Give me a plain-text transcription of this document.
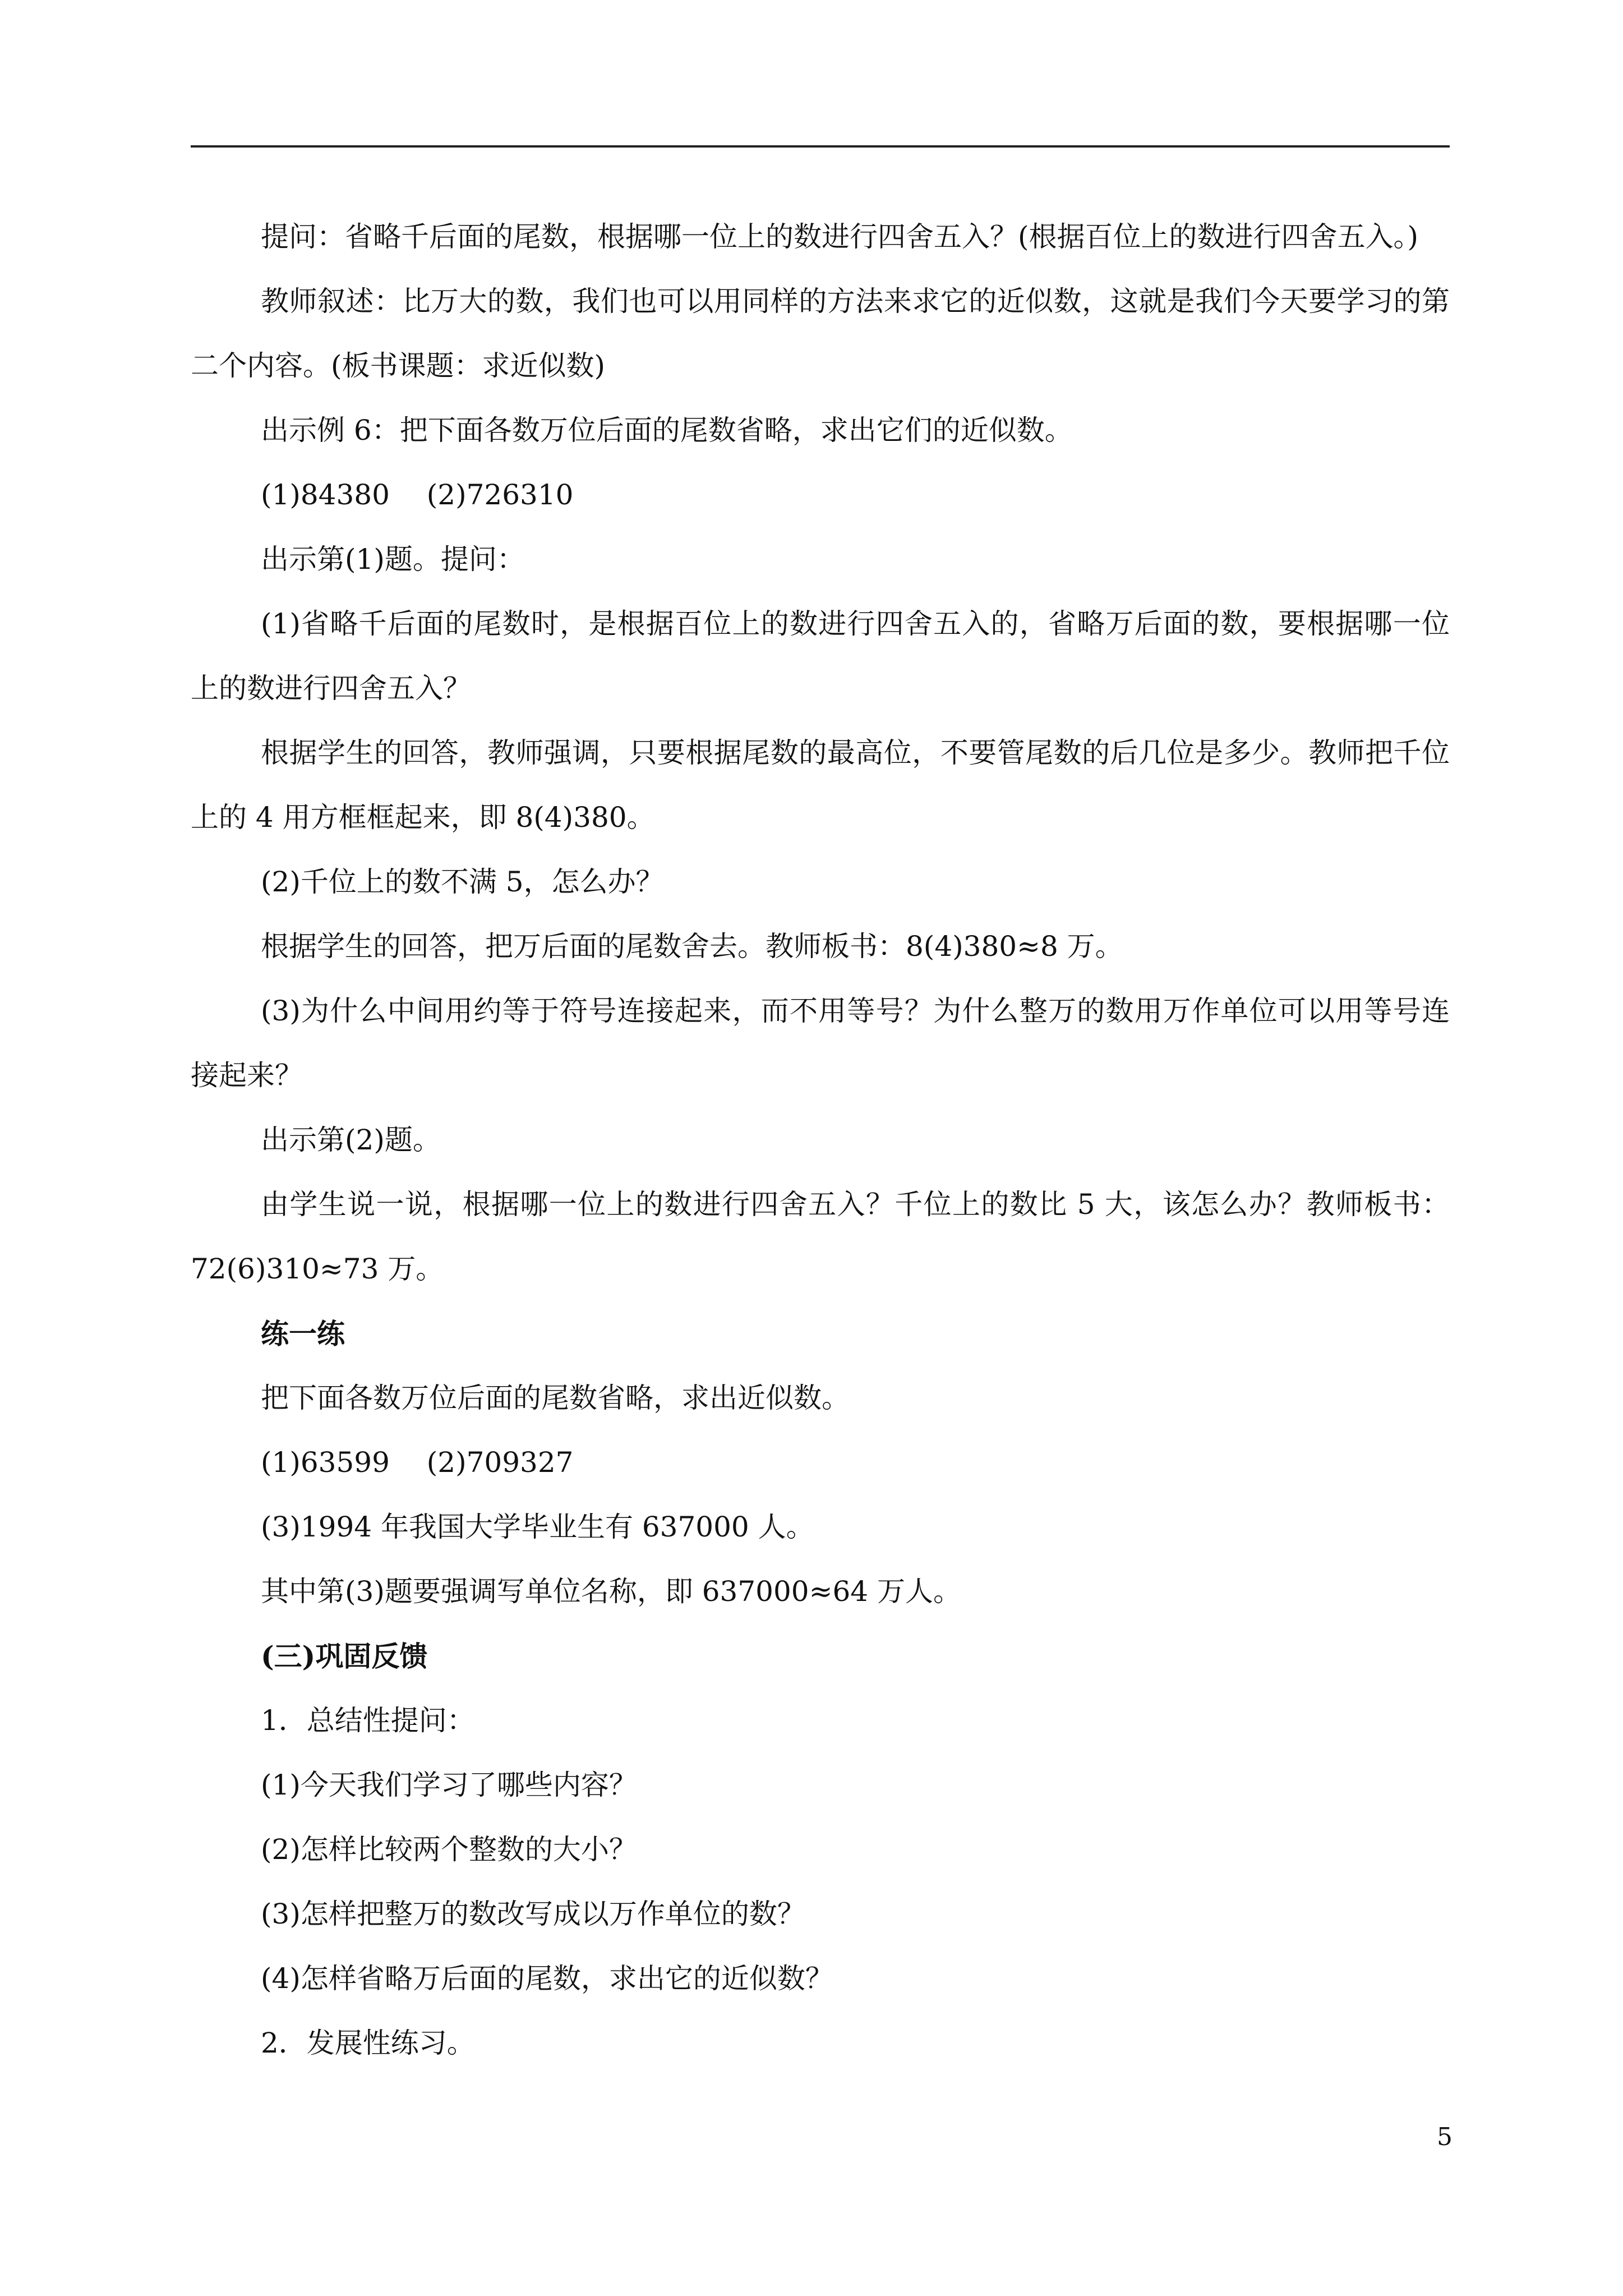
提问：省略千后面的尾数，根据哪一位上的数进行四舍五入？(根据百位上的数进行四舍五入。)

教师叙述：比万大的数，我们也可以用同样的方法来求它的近似数，这就是我们今天要学习的第二个内容。(板书课题：求近似数)

出示例 6：把下面各数万位后面的尾数省略，求出它们的近似数。

(1)84380　 (2)726310

出示第(1)题。提问：

(1)省略千后面的尾数时，是根据百位上的数进行四舍五入的，省略万后面的数，要根据哪一位上的数进行四舍五入？

根据学生的回答，教师强调，只要根据尾数的最高位，不要管尾数的后几位是多少。教师把千位上的 4 用方框框起来，即 8(4)380。

(2)千位上的数不满 5，怎么办？

根据学生的回答，把万后面的尾数舍去。教师板书：8(4)380≈8 万。

(3)为什么中间用约等于符号连接起来，而不用等号？为什么整万的数用万作单位可以用等号连接起来？

出示第(2)题。

由学生说一说，根据哪一位上的数进行四舍五入？千位上的数比 5 大，该怎么办？教师板书：72(6)310≈73 万。

练一练

把下面各数万位后面的尾数省略，求出近似数。

(1)63599　 (2)709327

(3)1994 年我国大学毕业生有 637000 人。

其中第(3)题要强调写单位名称，即 637000≈64 万人。

(三)巩固反馈

1．总结性提问：

(1)今天我们学习了哪些内容？

(2)怎样比较两个整数的大小？

(3)怎样把整万的数改写成以万作单位的数？

(4)怎样省略万后面的尾数，求出它的近似数？

2．发展性练习。

5
